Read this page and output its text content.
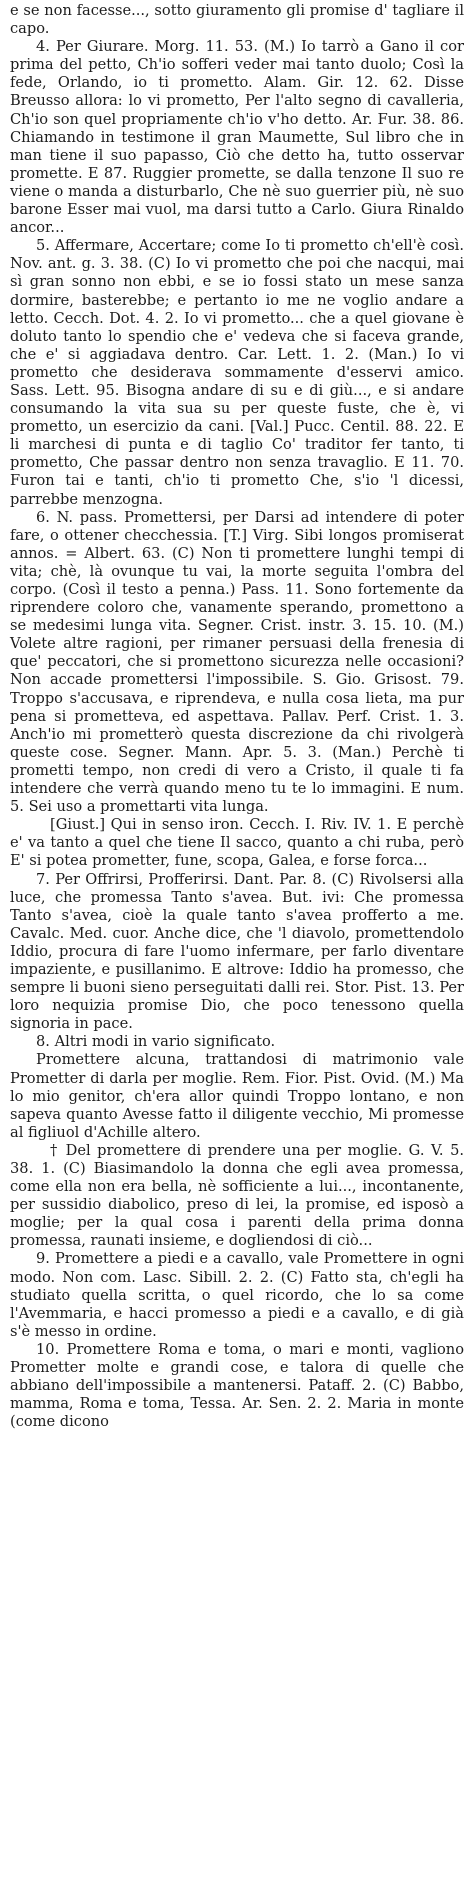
e se non facesse..., sotto giuramento gli promise d' tagliare il capo.

4. Per Giurare. Morg. 11. 53. (M.) Io tarrò a Gano il cor prima del petto, Ch'io sofferi veder mai tanto duolo; Così la fede, Orlando, io ti prometto. Alam. Gir. 12. 62. Disse Breusso allora: lo vi prometto, Per l'alto segno di cavalleria, Ch'io son quel propriamente ch'io v'ho detto. Ar. Fur. 38. 86. Chiamando in testimone il gran Maumette, Sul libro che in man tiene il suo papasso, Ciò che detto ha, tutto osservar promette. E 87. Ruggier promette, se dalla tenzone Il suo re viene o manda a disturbarlo, Che nè suo guerrier più, nè suo barone Esser mai vuol, ma darsi tutto a Carlo. Giura Rinaldo ancor...

5. Affermare, Accertare; come Io ti prometto ch'ell'è così. Nov. ant. g. 3. 38. (C) Io vi prometto che poi che nacqui, mai sì gran sonno non ebbi, e se io fossi stato un mese sanza dormire, basterebbe; e pertanto io me ne voglio andare a letto. Cecch. Dot. 4. 2. Io vi prometto... che a quel giovane è doluto tanto lo spendio che e' vedeva che si faceva grande, che e' si aggiadava dentro. Car. Lett. 1. 2. (Man.) Io vi prometto che desiderava sommamente d'esservi amico. Sass. Lett. 95. Bisogna andare di su e di giù..., e si andare consumando la vita sua su per queste fuste, che è, vi prometto, un esercizio da cani. [Val.] Pucc. Centil. 88. 22. E li marchesi di punta e di taglio Co' traditor fer tanto, ti prometto, Che passar dentro non senza travaglio. E 11. 70. Furon tai e tanti, ch'io ti prometto Che, s'io 'l dicessi, parrebbe menzogna.

6. N. pass. Promettersi, per Darsi ad intendere di poter fare, o ottener checchessia. [T.] Virg. Sibi longos promiserat annos. = Albert. 63. (C) Non ti promettere lunghi tempi di vita; chè, là ovunque tu vai, la morte seguita l'ombra del corpo. (Così il testo a penna.) Pass. 11. Sono fortemente da riprendere coloro che, vanamente sperando, promettono a se medesimi lunga vita. Segner. Crist. instr. 3. 15. 10. (M.) Volete altre ragioni, per rimaner persuasi della frenesia di que' peccatori, che si promettono sicurezza nelle occasioni? Non accade promettersi l'impossibile. S. Gio. Grisost. 79. Troppo s'accusava, e riprendeva, e nulla cosa lieta, ma pur pena si prometteva, ed aspettava. Pallav. Perf. Crist. 1. 3. Anch'io mi prometterò questa discrezione da chi rivolgerà queste cose. Segner. Mann. Apr. 5. 3. (Man.) Perchè ti prometti tempo, non credi di vero a Cristo, il quale ti fa intendere che verrà quando meno tu te lo immagini. E num. 5. Sei uso a promettarti vita lunga.

[Giust.] Qui in senso iron. Cecch. I. Riv. IV. 1. E perchè e' va tanto a quel che tiene Il sacco, quanto a chi ruba, però E' si potea prometter, fune, scopa, Galea, e forse forca...

7. Per Offrirsi, Profferirsi. Dant. Par. 8. (C) Rivolsersi alla luce, che promessa Tanto s'avea. But. ivi: Che promessa Tanto s'avea, cioè la quale tanto s'avea profferto a me. Cavalc. Med. cuor. Anche dice, che 'l diavolo, promettendolo Iddio, procura di fare l'uomo infermare, per farlo diventare impaziente, e pusillanimo. E altrove: Iddio ha promesso, che sempre li buoni sieno perseguitati dalli rei. Stor. Pist. 13. Per loro nequizia promise Dio, che poco tenessono quella signoria in pace.

8. Altri modi in vario significato.

Promettere alcuna, trattandosi di matrimonio vale Prometter di darla per moglie. Rem. Fior. Pist. Ovid. (M.) Ma lo mio genitor, ch'era allor quindi Troppo lontano, e non sapeva quanto Avesse fatto il diligente vecchio, Mi promesse al figliuol d'Achille altero.

† Del promettere di prendere una per moglie. G. V. 5. 38. 1. (C) Biasimandolo la donna che egli avea promessa, come ella non era bella, nè sofficiente a lui..., incontanente, per sussidio diabolico, preso di lei, la promise, ed isposò a moglie; per la qual cosa i parenti della prima donna promessa, raunati insieme, e dogliendosi di ciò...

9. Promettere a piedi e a cavallo, vale Promettere in ogni modo. Non com. Lasc. Sibill. 2. 2. (C) Fatto sta, ch'egli ha studiato quella scritta, o quel ricordo, che lo sa come l'Avemmaria, e hacci promesso a piedi e a cavallo, e di già s'è messo in ordine.

10. Promettere Roma e toma, o mari e monti, vagliono Prometter molte e grandi cose, e talora di quelle che abbiano dell'impossibile a mantenersi. Pataff. 2. (C) Babbo, mamma, Roma e toma, Tessa. Ar. Sen. 2. 2. Maria in monte (come dicono
